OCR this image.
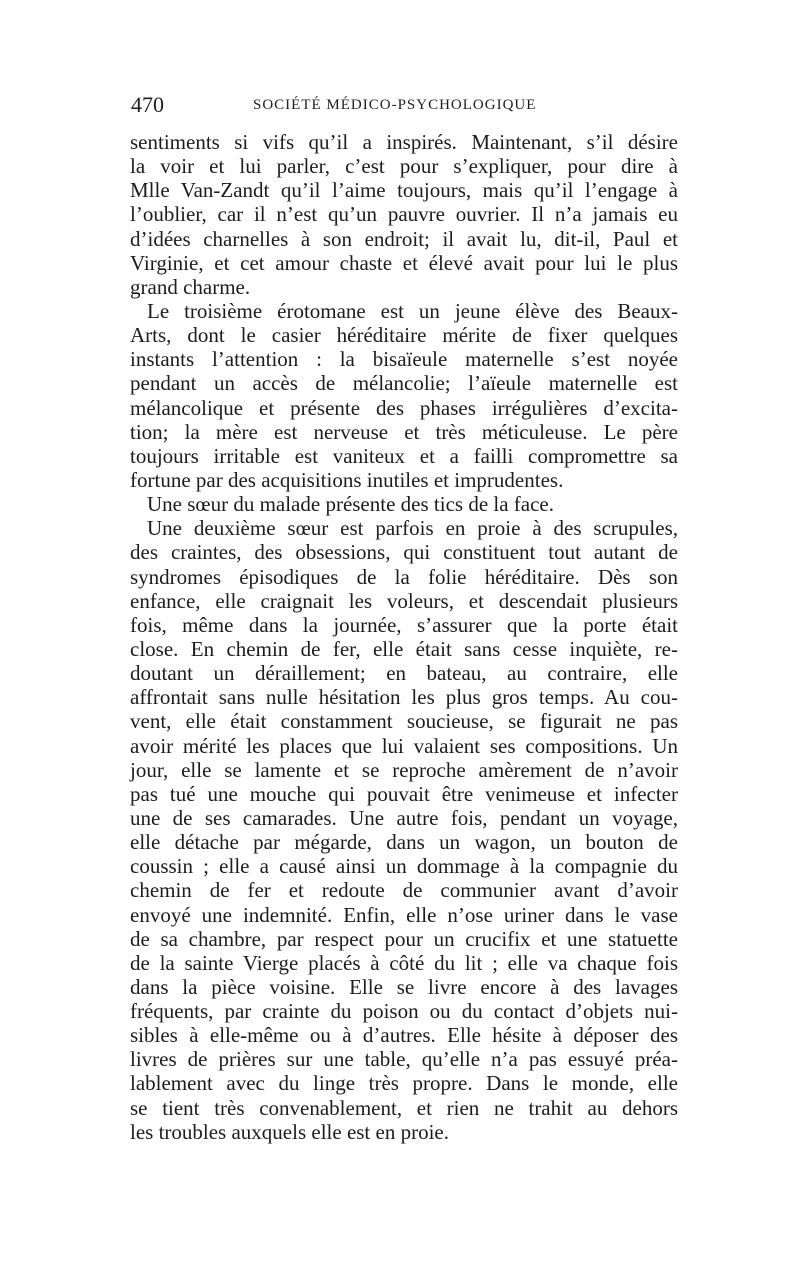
470	SOCIÉTÉ MÉDICO-PSYCHOLOGIQUE
sentiments si vifs qu’il a inspirés. Maintenant, s’il désire
la voir et lui parler, c’est pour s’expliquer, pour dire à
Mlle Van-Zandt qu’il l’aime toujours, mais qu’il l’engage à
l’oublier, car il n’est qu’un pauvre ouvrier. Il n’a jamais eu
d’idées charnelles à son endroit; il avait lu, dit-il, Paul et
Virginie, et cet amour chaste et élevé avait pour lui le plus
grand charme.
Le troisième érotomane est un jeune élève des Beaux-
Arts, dont le casier héréditaire mérite de fixer quelques
instants l’attention : la bisaïeule maternelle s’est noyée
pendant un accès de mélancolie; l’aïeule maternelle est
mélancolique et présente des phases irrégulières d’excita-
tion; la mère est nerveuse et très méticuleuse. Le père
toujours irritable est vaniteux et a failli compromettre sa
fortune par des acquisitions inutiles et imprudentes.
Une sœur du malade présente des tics de la face.
Une deuxième sœur est parfois en proie à des scrupules,
des craintes, des obsessions, qui constituent tout autant de
syndromes épisodiques de la folie héréditaire. Dès son
enfance, elle craignait les voleurs, et descendait plusieurs
fois, même dans la journée, s’assurer que la porte était
close. En chemin de fer, elle était sans cesse inquiète, re-
doutant un déraillement; en bateau, au contraire, elle
affrontait sans nulle hésitation les plus gros temps. Au cou-
vent, elle était constamment soucieuse, se figurait ne pas
avoir mérité les places que lui valaient ses compositions. Un
jour, elle se lamente et se reproche amèrement de n’avoir
pas tué une mouche qui pouvait être venimeuse et infecter
une de ses camarades. Une autre fois, pendant un voyage,
elle détache par mégarde, dans un wagon, un bouton de
coussin ; elle a causé ainsi un dommage à la compagnie du
chemin de fer et redoute de communier avant d’avoir
envoyé une indemnité. Enfin, elle n’ose uriner dans le vase
de sa chambre, par respect pour un crucifix et une statuette
de la sainte Vierge placés à côté du lit ; elle va chaque fois
dans la pièce voisine. Elle se livre encore à des lavages
fréquents, par crainte du poison ou du contact d’objets nui-
sibles à elle-même ou à d’autres. Elle hésite à déposer des
livres de prières sur une table, qu’elle n’a pas essuyé préa-
lablement avec du linge très propre. Dans le monde, elle
se tient très convenablement, et rien ne trahit au dehors
les troubles auxquels elle est en proie.
